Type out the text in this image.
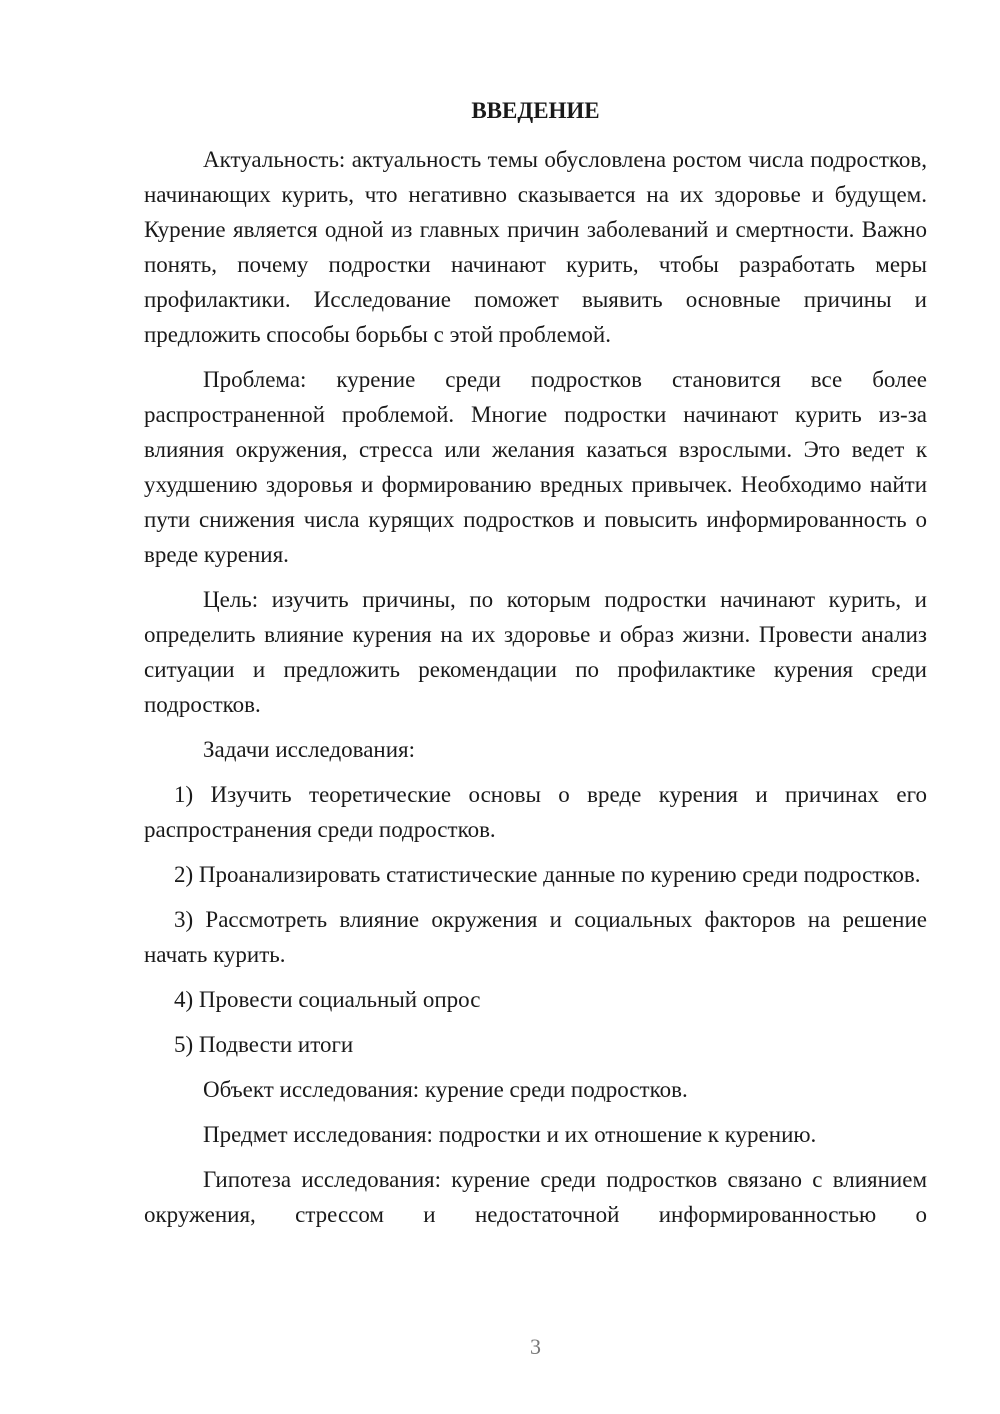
ВВЕДЕНИЕ

Актуальность: актуальность темы обусловлена ростом числа подростков, начинающих курить, что негативно сказывается на их здоровье и будущем. Курение является одной из главных причин заболеваний и смертности. Важно понять, почему подростки начинают курить, чтобы разработать меры профилактики. Исследование поможет выявить основные причины и предложить способы борьбы с этой проблемой.

Проблема: курение среди подростков становится все более распространенной проблемой. Многие подростки начинают курить из-за влияния окружения, стресса или желания казаться взрослыми. Это ведет к ухудшению здоровья и формированию вредных привычек. Необходимо найти пути снижения числа курящих подростков и повысить информированность о вреде курения.

Цель: изучить причины, по которым подростки начинают курить, и определить влияние курения на их здоровье и образ жизни. Провести анализ ситуации и предложить рекомендации по профилактике курения среди подростков.

Задачи исследования:

1) Изучить теоретические основы о вреде курения и причинах его распространения среди подростков.

2) Проанализировать статистические данные по курению среди подростков.

3) Рассмотреть влияние окружения и социальных факторов на решение начать курить.

4) Провести социальный опрос

5) Подвести итоги

Объект исследования: курение среди подростков.

Предмет исследования: подростки и их отношение к курению.

Гипотеза исследования: курение среди подростков связано с влиянием окружения, стрессом и недостаточной информированностью о

3
